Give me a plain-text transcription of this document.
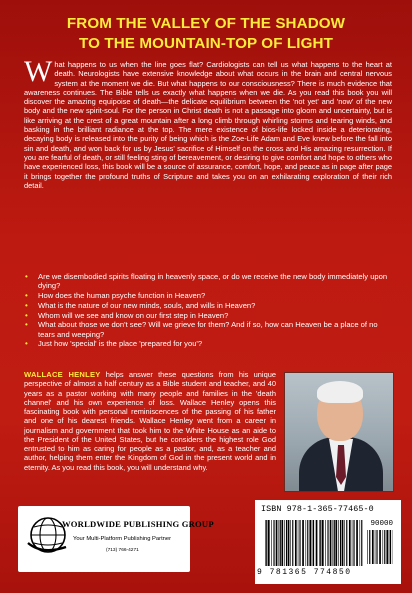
FROM THE VALLEY OF THE SHADOW
TO THE MOUNTAIN-TOP OF LIGHT
What happens to us when the line goes flat? Cardiologists can tell us what happens to the heart at death. Neurologists have extensive knowledge about what occurs in the brain and central nervous system at the moment we die. But what happens to our consciousness? There is much evidence that awareness continues. The Bible tells us exactly what happens when we die. As you read this book you will discover the amazing equipoise of death—the delicate equilibrium between the 'not yet' and 'now' of the new body and the new spirit-soul. For the person in Christ death is not a passage into gloom and uncertainty, but is like arriving at the crest of a great mountain after a long climb through whirling storms and tearing winds, and basking in the brilliant radiance at the top. The mere existence of bios-life locked inside a deteriorating, decaying body is released into the purity of being which is the Zoe-Life Adam and Eve knew before the fall into sin and death, and won back for us by Jesus' sacrifice of Himself on the cross and His amazing resurrection. If you are fearful of death, or still feeling sting of bereavement, or desiring to give comfort and hope to others who have experienced loss, this book will be a source of assurance, comfort, hope, and peace as in page after page it brings together the profound truths of Scripture and takes you on an exhilarating exploration of their rich detail.
• Are we disembodied spirits floating in heavenly space, or do we receive the new body immediately upon dying?
• How does the human psyche function in Heaven?
• What is the nature of our new minds, souls, and wills in Heaven?
• Whom will we see and know on our first step in Heaven?
• What about those we don't see? Will we grieve for them? And if so, how can Heaven be a place of no tears and weeping?
• Just how 'special' is the place 'prepared for you'?
WALLACE HENLEY helps answer these questions from his unique perspective of almost a half century as a Bible student and teacher, and 40 years as a pastor working with many people and families in the 'death channel' and his own experience of loss. Wallace Henley opens this fascinating book with personal reminiscences of the passing of his father and one of his dearest friends. Wallace Henley went from a career in journalism and government that took him to the White House as an aide to the President of the United States, but he considers the highest role God entrusted to him as caring for people as a pastor, and, as a teacher and author, helping them enter the Kingdom of God in the present world and in eternity. As you read this book, you will understand why.
WORLDWIDE PUBLISHING GROUP
Your Multi-Platform Publishing Partner
(713) 766-4271
ISBN 978-1-365-77465-0
90000
9 781365 774850
